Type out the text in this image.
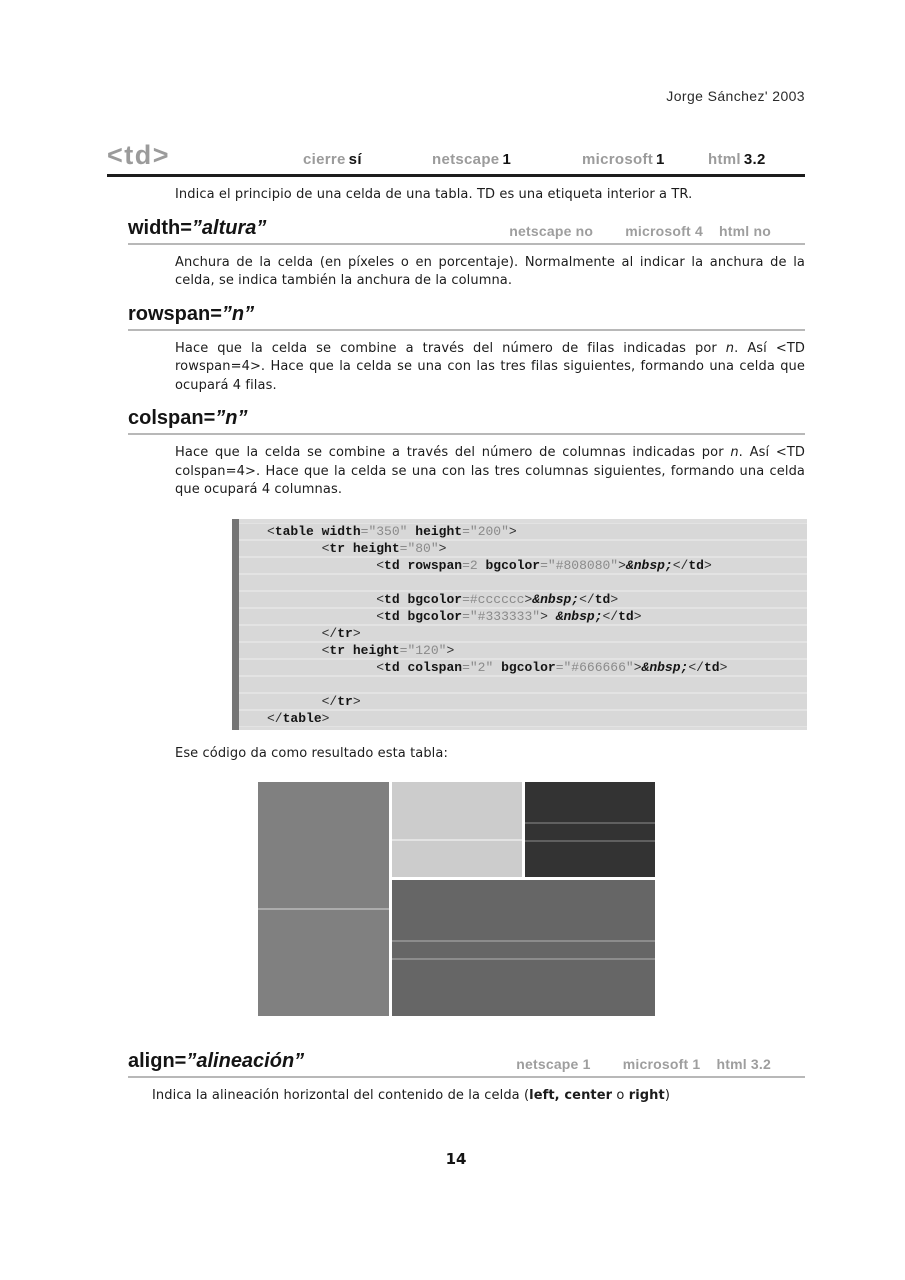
Jorge Sánchez' 2003
<td>	cierre sí	netscape 1	microsoft 1	html 3.2

Indica el principio de una celda de una tabla. TD es una etiqueta interior a TR.

width=”altura”	netscape no microsoft 4 html no

Anchura de la celda (en píxeles o en porcentaje). Normalmente al indicar la anchura de la celda, se indica también la anchura de la columna.

rowspan=”n”

Hace que la celda se combine a través del número de filas indicadas por n. Así <TD rowspan=4>. Hace que la celda se una con las tres filas siguientes, formando una celda que ocupará 4 filas.

colspan=”n”

Hace que la celda se combine a través del número de columnas indicadas por n. Así <TD colspan=4>. Hace que la celda se una con las tres columnas siguientes, formando una celda que ocupará 4 columnas.

<table width="350" height="200">
<tr height="80">
<td rowspan=2 bgcolor="#808080">&nbsp;</td>

<td bgcolor=#cccccc>&nbsp;</td>
<td bgcolor="#333333"> &nbsp;</td>
</tr>
<tr height="120">
<td colspan="2" bgcolor="#666666">&nbsp;</td>

</tr>
</table>

Ese código da como resultado esta tabla:

align=”alineación”	netscape 1 microsoft 1 html 3.2

Indica la alineación horizontal del contenido de la celda (left, center o right)

14
